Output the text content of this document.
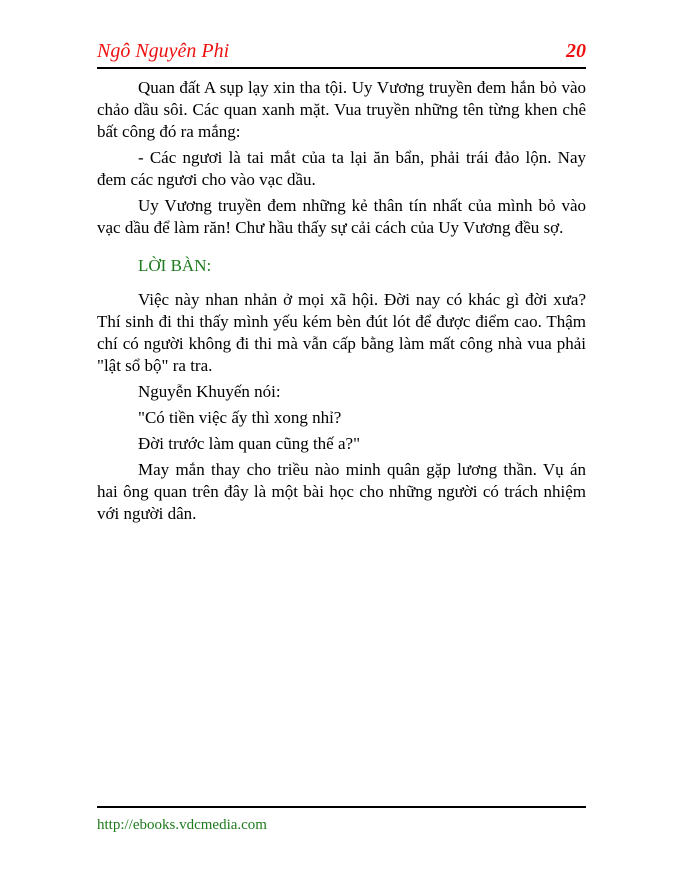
Ngô Nguyên Phi	20

Quan đất A sụp lạy xin tha tội. Uy Vương truyền đem hắn bỏ vào chảo dầu sôi. Các quan xanh mặt. Vua truyền những tên từng khen chê bất công đó ra mắng:

- Các ngươi là tai mắt của ta lại ăn bẩn, phải trái đảo lộn. Nay đem các ngươi cho vào vạc dầu.

Uy Vương truyền đem những kẻ thân tín nhất của mình bỏ vào vạc dầu để làm răn! Chư hầu thấy sự cải cách của Uy Vương đều sợ.

LỜI BÀN:

Việc này nhan nhản ở mọi xã hội. Đời nay có khác gì đời xưa? Thí sinh đi thi thấy mình yếu kém bèn đút lót để được điểm cao. Thậm chí có người không đi thi mà vẫn cấp bằng làm mất công nhà vua phải "lật sổ bộ" ra tra.

Nguyễn Khuyến nói:

"Có tiền việc ấy thì xong nhỉ?

Đời trước làm quan cũng thế a?"

May mắn thay cho triều nào minh quân gặp lương thần. Vụ án hai ông quan trên đây là một bài học cho những người có trách nhiệm với người dân.

http://ebooks.vdcmedia.com
